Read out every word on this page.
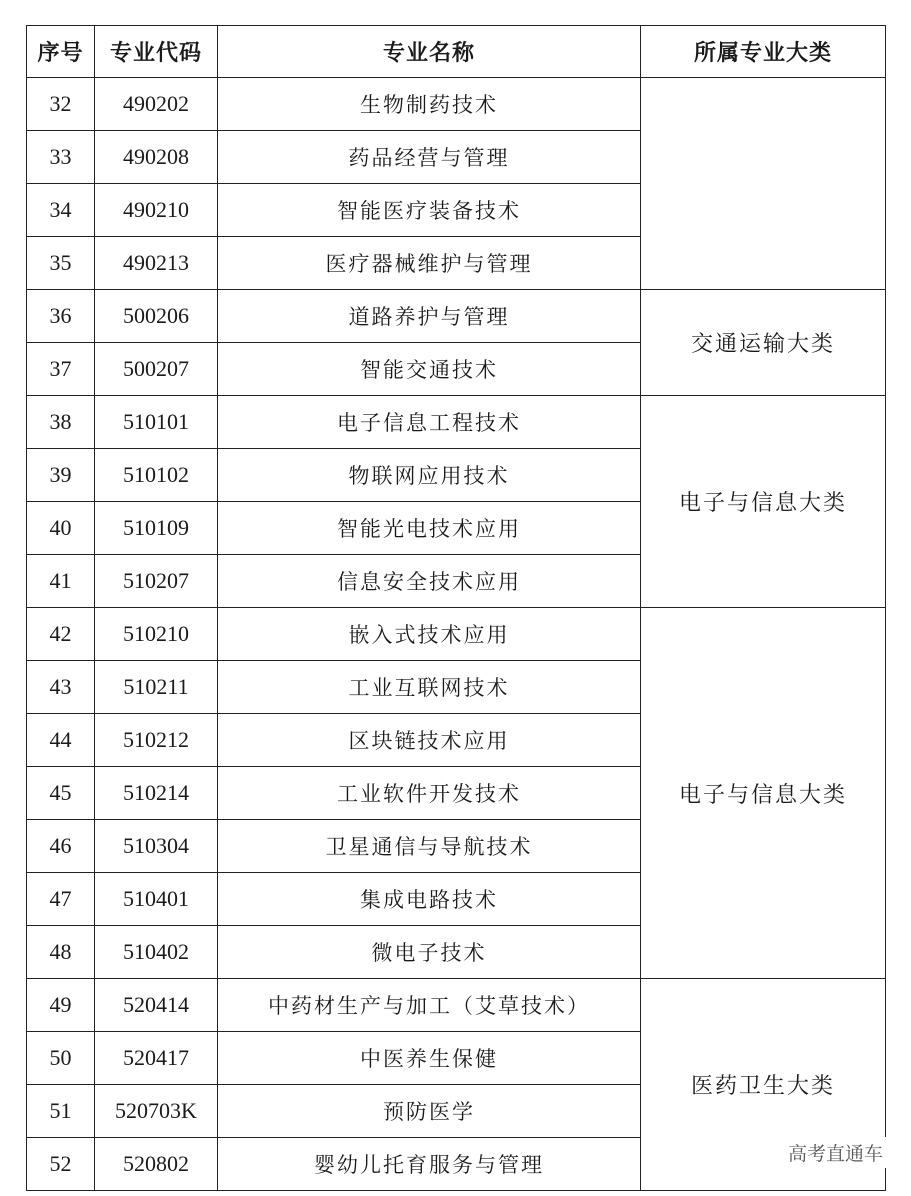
序号	专业代码	专业名称	所属专业大类
32	490202	生物制药技术	
33	490208	药品经营与管理	
34	490210	智能医疗装备技术	
35	490213	医疗器械维护与管理	
36	500206	道路养护与管理	交通运输大类
37	500207	智能交通技术	
38	510101	电子信息工程技术	电子与信息大类
39	510102	物联网应用技术	
40	510109	智能光电技术应用	
41	510207	信息安全技术应用	
42	510210	嵌入式技术应用	电子与信息大类
43	510211	工业互联网技术	
44	510212	区块链技术应用	
45	510214	工业软件开发技术	
46	510304	卫星通信与导航技术	
47	510401	集成电路技术	
48	510402	微电子技术	
49	520414	中药材生产与加工（艾草技术）	医药卫生大类
50	520417	中医养生保健	
51	520703K	预防医学	
52	520802	婴幼儿托育服务与管理		高考直通车
